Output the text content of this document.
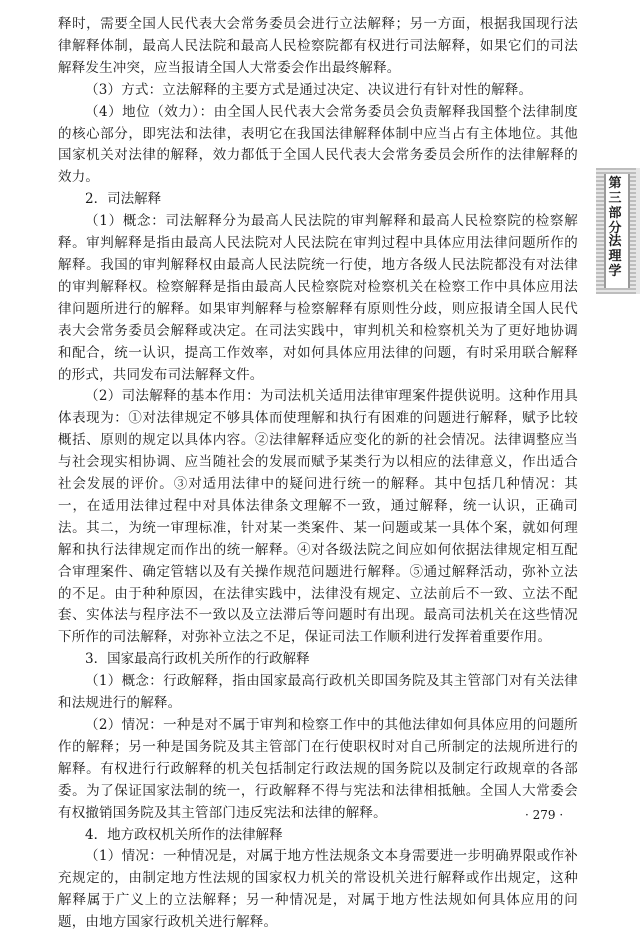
第
三
部
分
法
理
学

释时，需要全国人民代表大会常务委员会进行立法解释；另一方面，根据我国现行法律解释体制，最高人民法院和最高人民检察院都有权进行司法解释，如果它们的司法解释发生冲突，应当报请全国人大常委会作出最终解释。

（3）方式：立法解释的主要方式是通过决定、决议进行有针对性的解释。

（4）地位（效力）：由全国人民代表大会常务委员会负责解释我国整个法律制度的核心部分，即宪法和法律，表明它在我国法律解释体制中应当占有主体地位。其他国家机关对法律的解释，效力都低于全国人民代表大会常务委员会所作的法律解释的效力。

2．司法解释

（1）概念：司法解释分为最高人民法院的审判解释和最高人民检察院的检察解释。审判解释是指由最高人民法院对人民法院在审判过程中具体应用法律问题所作的解释。我国的审判解释权由最高人民法院统一行使，地方各级人民法院都没有对法律的审判解释权。检察解释是指由最高人民检察院对检察机关在检察工作中具体应用法律问题所进行的解释。如果审判解释与检察解释有原则性分歧，则应报请全国人民代表大会常务委员会解释或决定。在司法实践中，审判机关和检察机关为了更好地协调和配合，统一认识，提高工作效率，对如何具体应用法律的问题，有时采用联合解释的形式，共同发布司法解释文件。

（2）司法解释的基本作用：为司法机关适用法律审理案件提供说明。这种作用具体表现为：①对法律规定不够具体而使理解和执行有困难的问题进行解释，赋予比较概括、原则的规定以具体内容。②法律解释适应变化的新的社会情况。法律调整应当与社会现实相协调、应当随社会的发展而赋予某类行为以相应的法律意义，作出适合社会发展的评价。③对适用法律中的疑问进行统一的解释。其中包括几种情况：其一，在适用法律过程中对具体法律条文理解不一致，通过解释，统一认识，正确司法。其二，为统一审理标准，针对某一类案件、某一问题或某一具体个案，就如何理解和执行法律规定而作出的统一解释。④对各级法院之间应如何依据法律规定相互配合审理案件、确定管辖以及有关操作规范问题进行解释。⑤通过解释活动，弥补立法的不足。由于种种原因，在法律实践中，法律没有规定、立法前后不一致、立法不配套、实体法与程序法不一致以及立法滞后等问题时有出现。最高司法机关在这些情况下所作的司法解释，对弥补立法之不足，保证司法工作顺利进行发挥着重要作用。

3．国家最高行政机关所作的行政解释

（1）概念：行政解释，指由国家最高行政机关即国务院及其主管部门对有关法律和法规进行的解释。

（2）情况：一种是对不属于审判和检察工作中的其他法律如何具体应用的问题所作的解释；另一种是国务院及其主管部门在行使职权时对自己所制定的法规所进行的解释。有权进行行政解释的机关包括制定行政法规的国务院以及制定行政规章的各部委。为了保证国家法制的统一，行政解释不得与宪法和法律相抵触。全国人大常委会有权撤销国务院及其主管部门违反宪法和法律的解释。

4．地方政权机关所作的法律解释

（1）情况：一种情况是，对属于地方性法规条文本身需要进一步明确界限或作补充规定的，由制定地方性法规的国家权力机关的常设机关进行解释或作出规定，这种解释属于广义上的立法解释；另一种情况是，对属于地方性法规如何具体应用的问题，由地方国家行政机关进行解释。

· 279 ·
